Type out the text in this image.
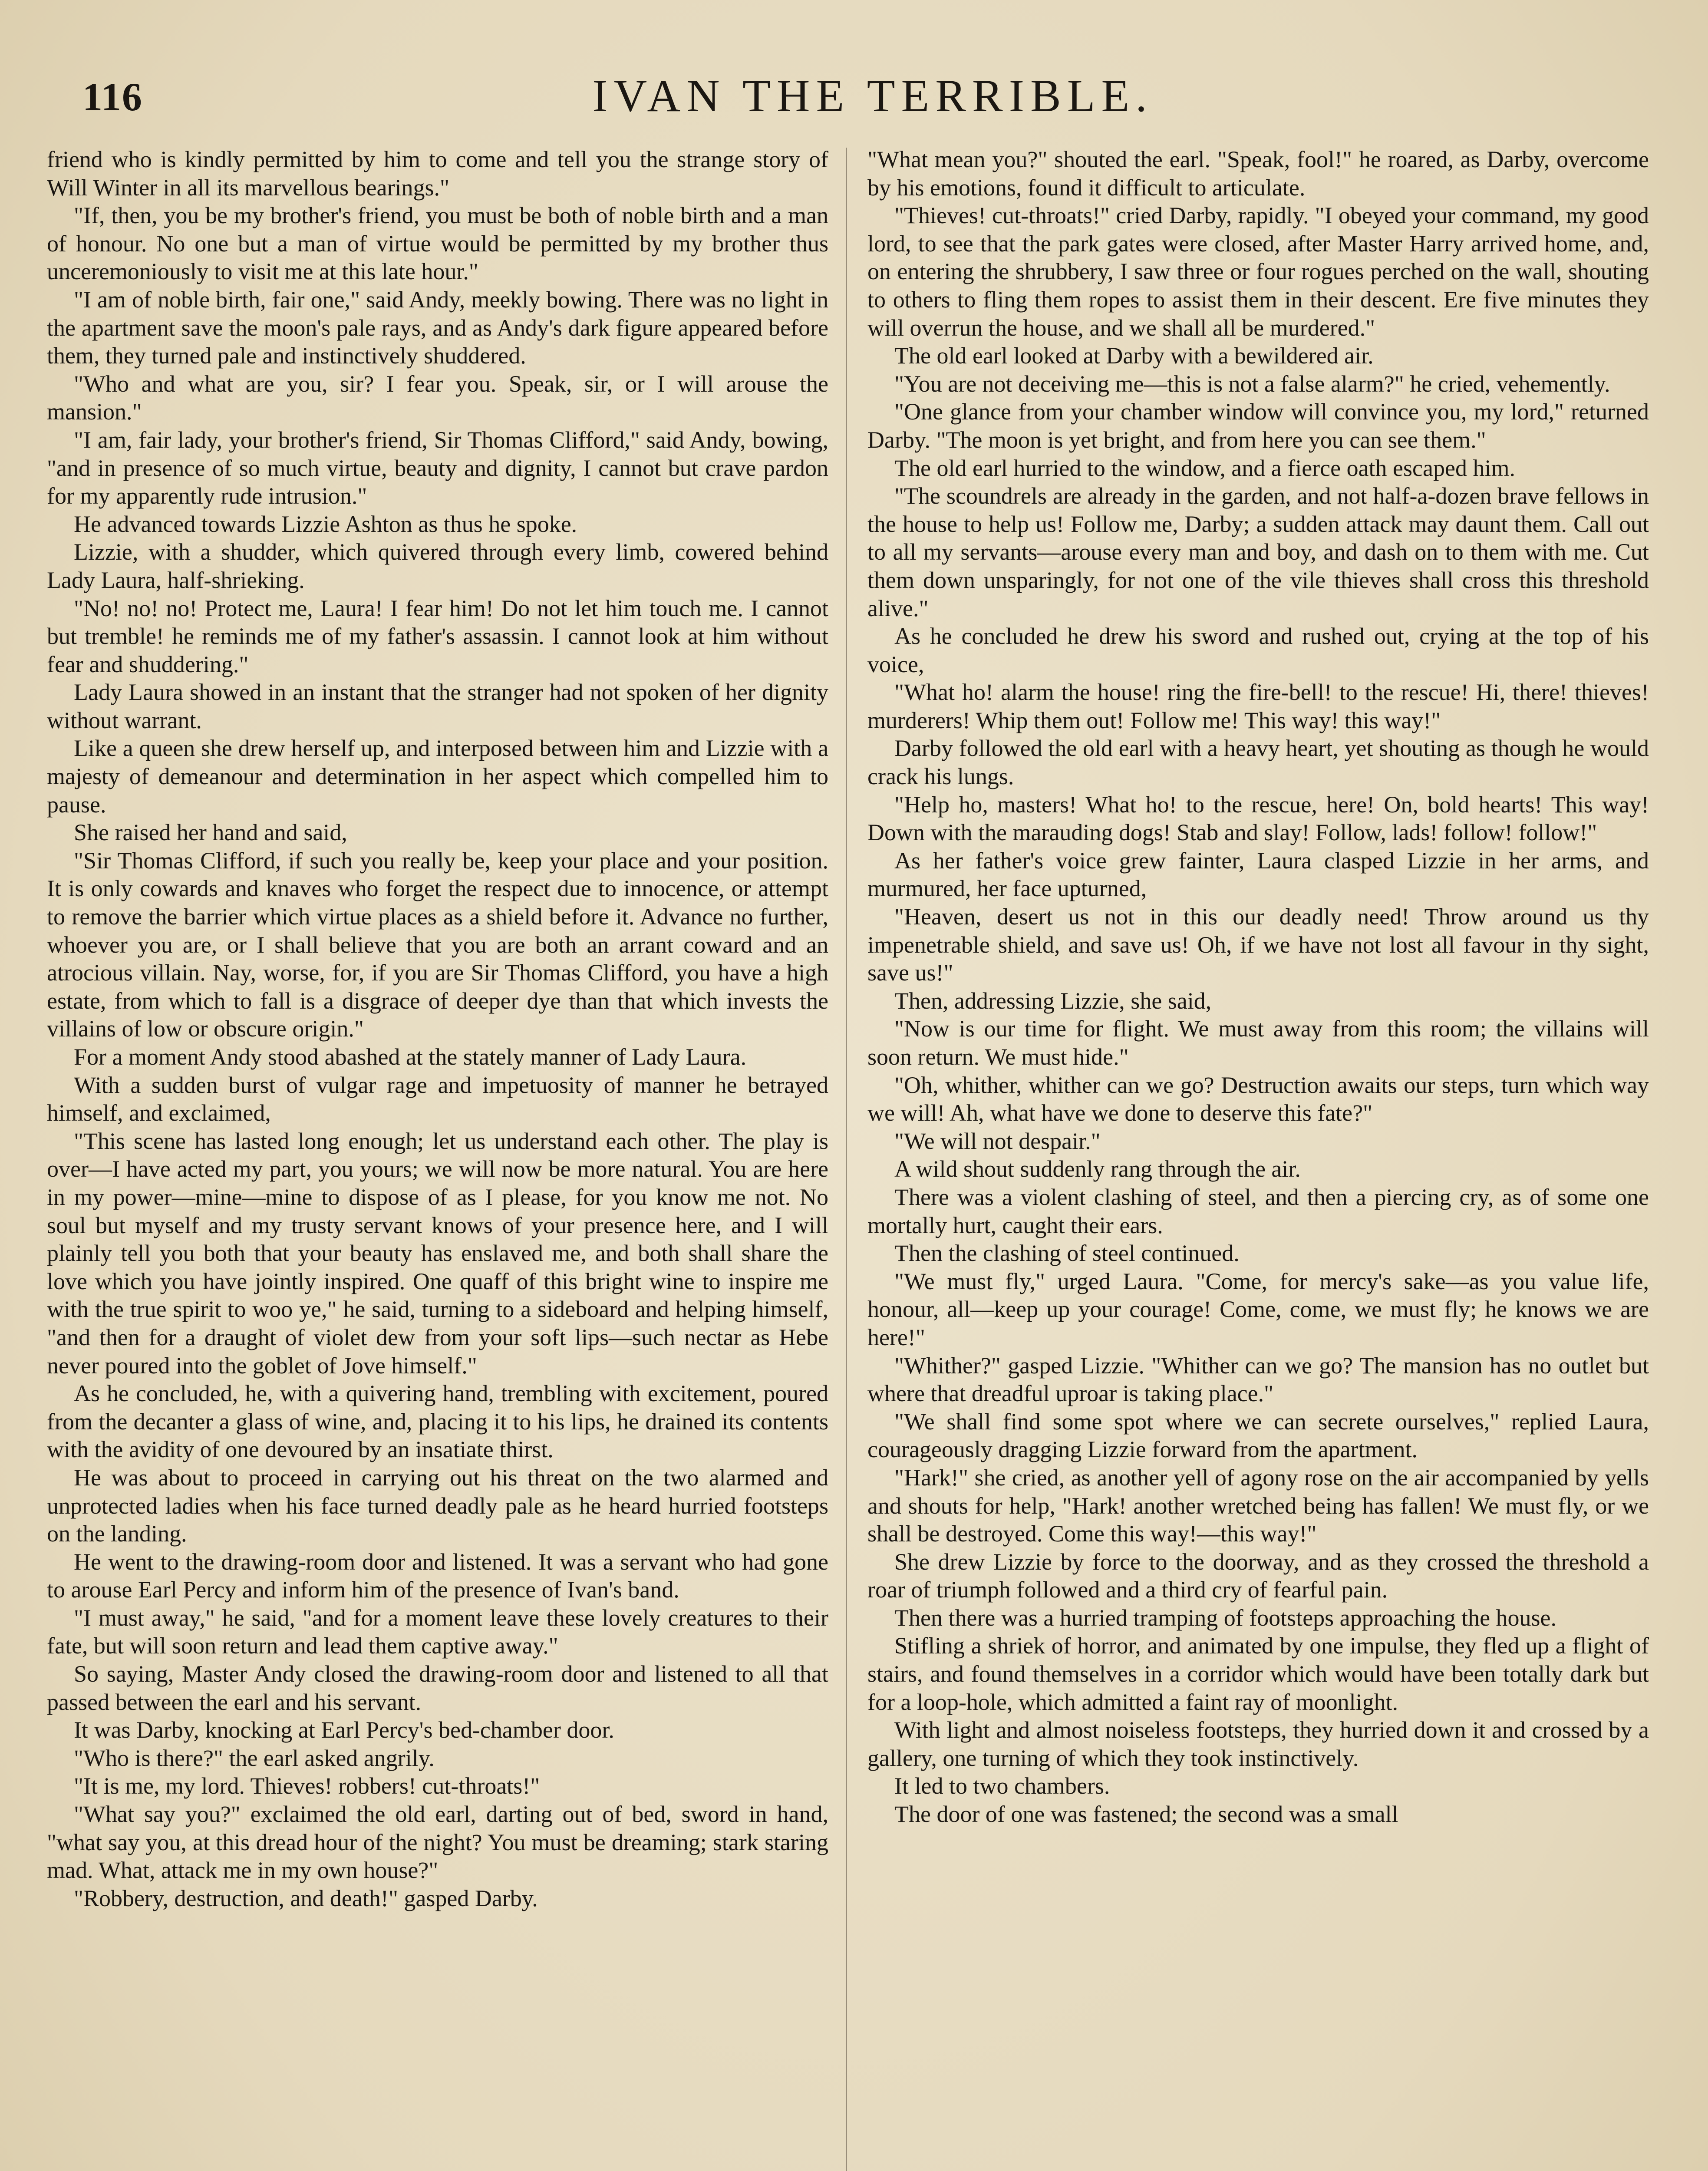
116	IVAN THE TERRIBLE.

friend who is kindly permitted by him to come and tell you the strange story of Will Winter in all its marvellous bearings."

"If, then, you be my brother's friend, you must be both of noble birth and a man of honour. No one but a man of virtue would be permitted by my brother thus unceremoniously to visit me at this late hour."

"I am of noble birth, fair one," said Andy, meekly bowing. There was no light in the apartment save the moon's pale rays, and as Andy's dark figure appeared before them, they turned pale and instinctively shuddered.

"Who and what are you, sir? I fear you. Speak, sir, or I will arouse the mansion."

"I am, fair lady, your brother's friend, Sir Thomas Clifford," said Andy, bowing, "and in presence of so much virtue, beauty and dignity, I cannot but crave pardon for my apparently rude intrusion."

He advanced towards Lizzie Ashton as thus he spoke.

Lizzie, with a shudder, which quivered through every limb, cowered behind Lady Laura, half-shrieking.

"No! no! no! Protect me, Laura! I fear him! Do not let him touch me. I cannot but tremble! he reminds me of my father's assassin. I cannot look at him without fear and shuddering."

Lady Laura showed in an instant that the stranger had not spoken of her dignity without warrant.

Like a queen she drew herself up, and interposed between him and Lizzie with a majesty of demeanour and determination in her aspect which compelled him to pause.

She raised her hand and said,

"Sir Thomas Clifford, if such you really be, keep your place and your position. It is only cowards and knaves who forget the respect due to innocence, or attempt to remove the barrier which virtue places as a shield before it. Advance no further, whoever you are, or I shall believe that you are both an arrant coward and an atrocious villain. Nay, worse, for, if you are Sir Thomas Clifford, you have a high estate, from which to fall is a disgrace of deeper dye than that which invests the villains of low or obscure origin."

For a moment Andy stood abashed at the stately manner of Lady Laura.

With a sudden burst of vulgar rage and impetuosity of manner he betrayed himself, and exclaimed,

"This scene has lasted long enough; let us understand each other. The play is over—I have acted my part, you yours; we will now be more natural. You are here in my power—mine—mine to dispose of as I please, for you know me not. No soul but myself and my trusty servant knows of your presence here, and I will plainly tell you both that your beauty has enslaved me, and both shall share the love which you have jointly inspired. One quaff of this bright wine to inspire me with the true spirit to woo ye," he said, turning to a sideboard and helping himself, "and then for a draught of violet dew from your soft lips—such nectar as Hebe never poured into the goblet of Jove himself."

As he concluded, he, with a quivering hand, trembling with excitement, poured from the decanter a glass of wine, and, placing it to his lips, he drained its contents with the avidity of one devoured by an insatiate thirst.

He was about to proceed in carrying out his threat on the two alarmed and unprotected ladies when his face turned deadly pale as he heard hurried footsteps on the landing.

He went to the drawing-room door and listened. It was a servant who had gone to arouse Earl Percy and inform him of the presence of Ivan's band.

"I must away," he said, "and for a moment leave these lovely creatures to their fate, but will soon return and lead them captive away."

So saying, Master Andy closed the drawing-room door and listened to all that passed between the earl and his servant.

It was Darby, knocking at Earl Percy's bed-chamber door.

"Who is there?" the earl asked angrily.

"It is me, my lord. Thieves! robbers! cut-throats!"

"What say you?" exclaimed the old earl, darting out of bed, sword in hand, "what say you, at this dread hour of the night? You must be dreaming; stark staring mad. What, attack me in my own house?"

"Robbery, destruction, and death!" gasped Darby.

"What mean you?" shouted the earl. "Speak, fool!" he roared, as Darby, overcome by his emotions, found it difficult to articulate.

"Thieves! cut-throats!" cried Darby, rapidly. "I obeyed your command, my good lord, to see that the park gates were closed, after Master Harry arrived home, and, on entering the shrubbery, I saw three or four rogues perched on the wall, shouting to others to fling them ropes to assist them in their descent. Ere five minutes they will overrun the house, and we shall all be murdered."

The old earl looked at Darby with a bewildered air.

"You are not deceiving me—this is not a false alarm?" he cried, vehemently.

"One glance from your chamber window will convince you, my lord," returned Darby. "The moon is yet bright, and from here you can see them."

The old earl hurried to the window, and a fierce oath escaped him.

"The scoundrels are already in the garden, and not half-a-dozen brave fellows in the house to help us! Follow me, Darby; a sudden attack may daunt them. Call out to all my servants—arouse every man and boy, and dash on to them with me. Cut them down unsparingly, for not one of the vile thieves shall cross this threshold alive."

As he concluded he drew his sword and rushed out, crying at the top of his voice,

"What ho! alarm the house! ring the fire-bell! to the rescue! Hi, there! thieves! murderers! Whip them out! Follow me! This way! this way!"

Darby followed the old earl with a heavy heart, yet shouting as though he would crack his lungs.

"Help ho, masters! What ho! to the rescue, here! On, bold hearts! This way! Down with the marauding dogs! Stab and slay! Follow, lads! follow! follow!"

As her father's voice grew fainter, Laura clasped Lizzie in her arms, and murmured, her face upturned,

"Heaven, desert us not in this our deadly need! Throw around us thy impenetrable shield, and save us! Oh, if we have not lost all favour in thy sight, save us!"

Then, addressing Lizzie, she said,

"Now is our time for flight. We must away from this room; the villains will soon return. We must hide."

"Oh, whither, whither can we go? Destruction awaits our steps, turn which way we will! Ah, what have we done to deserve this fate?"

"We will not despair."

A wild shout suddenly rang through the air.

There was a violent clashing of steel, and then a piercing cry, as of some one mortally hurt, caught their ears.

Then the clashing of steel continued.

"We must fly," urged Laura. "Come, for mercy's sake—as you value life, honour, all—keep up your courage! Come, come, we must fly; he knows we are here!"

"Whither?" gasped Lizzie. "Whither can we go? The mansion has no outlet but where that dreadful uproar is taking place."

"We shall find some spot where we can secrete ourselves," replied Laura, courageously dragging Lizzie forward from the apartment.

"Hark!" she cried, as another yell of agony rose on the air accompanied by yells and shouts for help, "Hark! another wretched being has fallen! We must fly, or we shall be destroyed. Come this way!—this way!"

She drew Lizzie by force to the doorway, and as they crossed the threshold a roar of triumph followed and a third cry of fearful pain.

Then there was a hurried tramping of footsteps approaching the house.

Stifling a shriek of horror, and animated by one impulse, they fled up a flight of stairs, and found themselves in a corridor which would have been totally dark but for a loop-hole, which admitted a faint ray of moonlight.

With light and almost noiseless footsteps, they hurried down it and crossed by a gallery, one turning of which they took instinctively.

It led to two chambers.

The door of one was fastened; the second was a small
